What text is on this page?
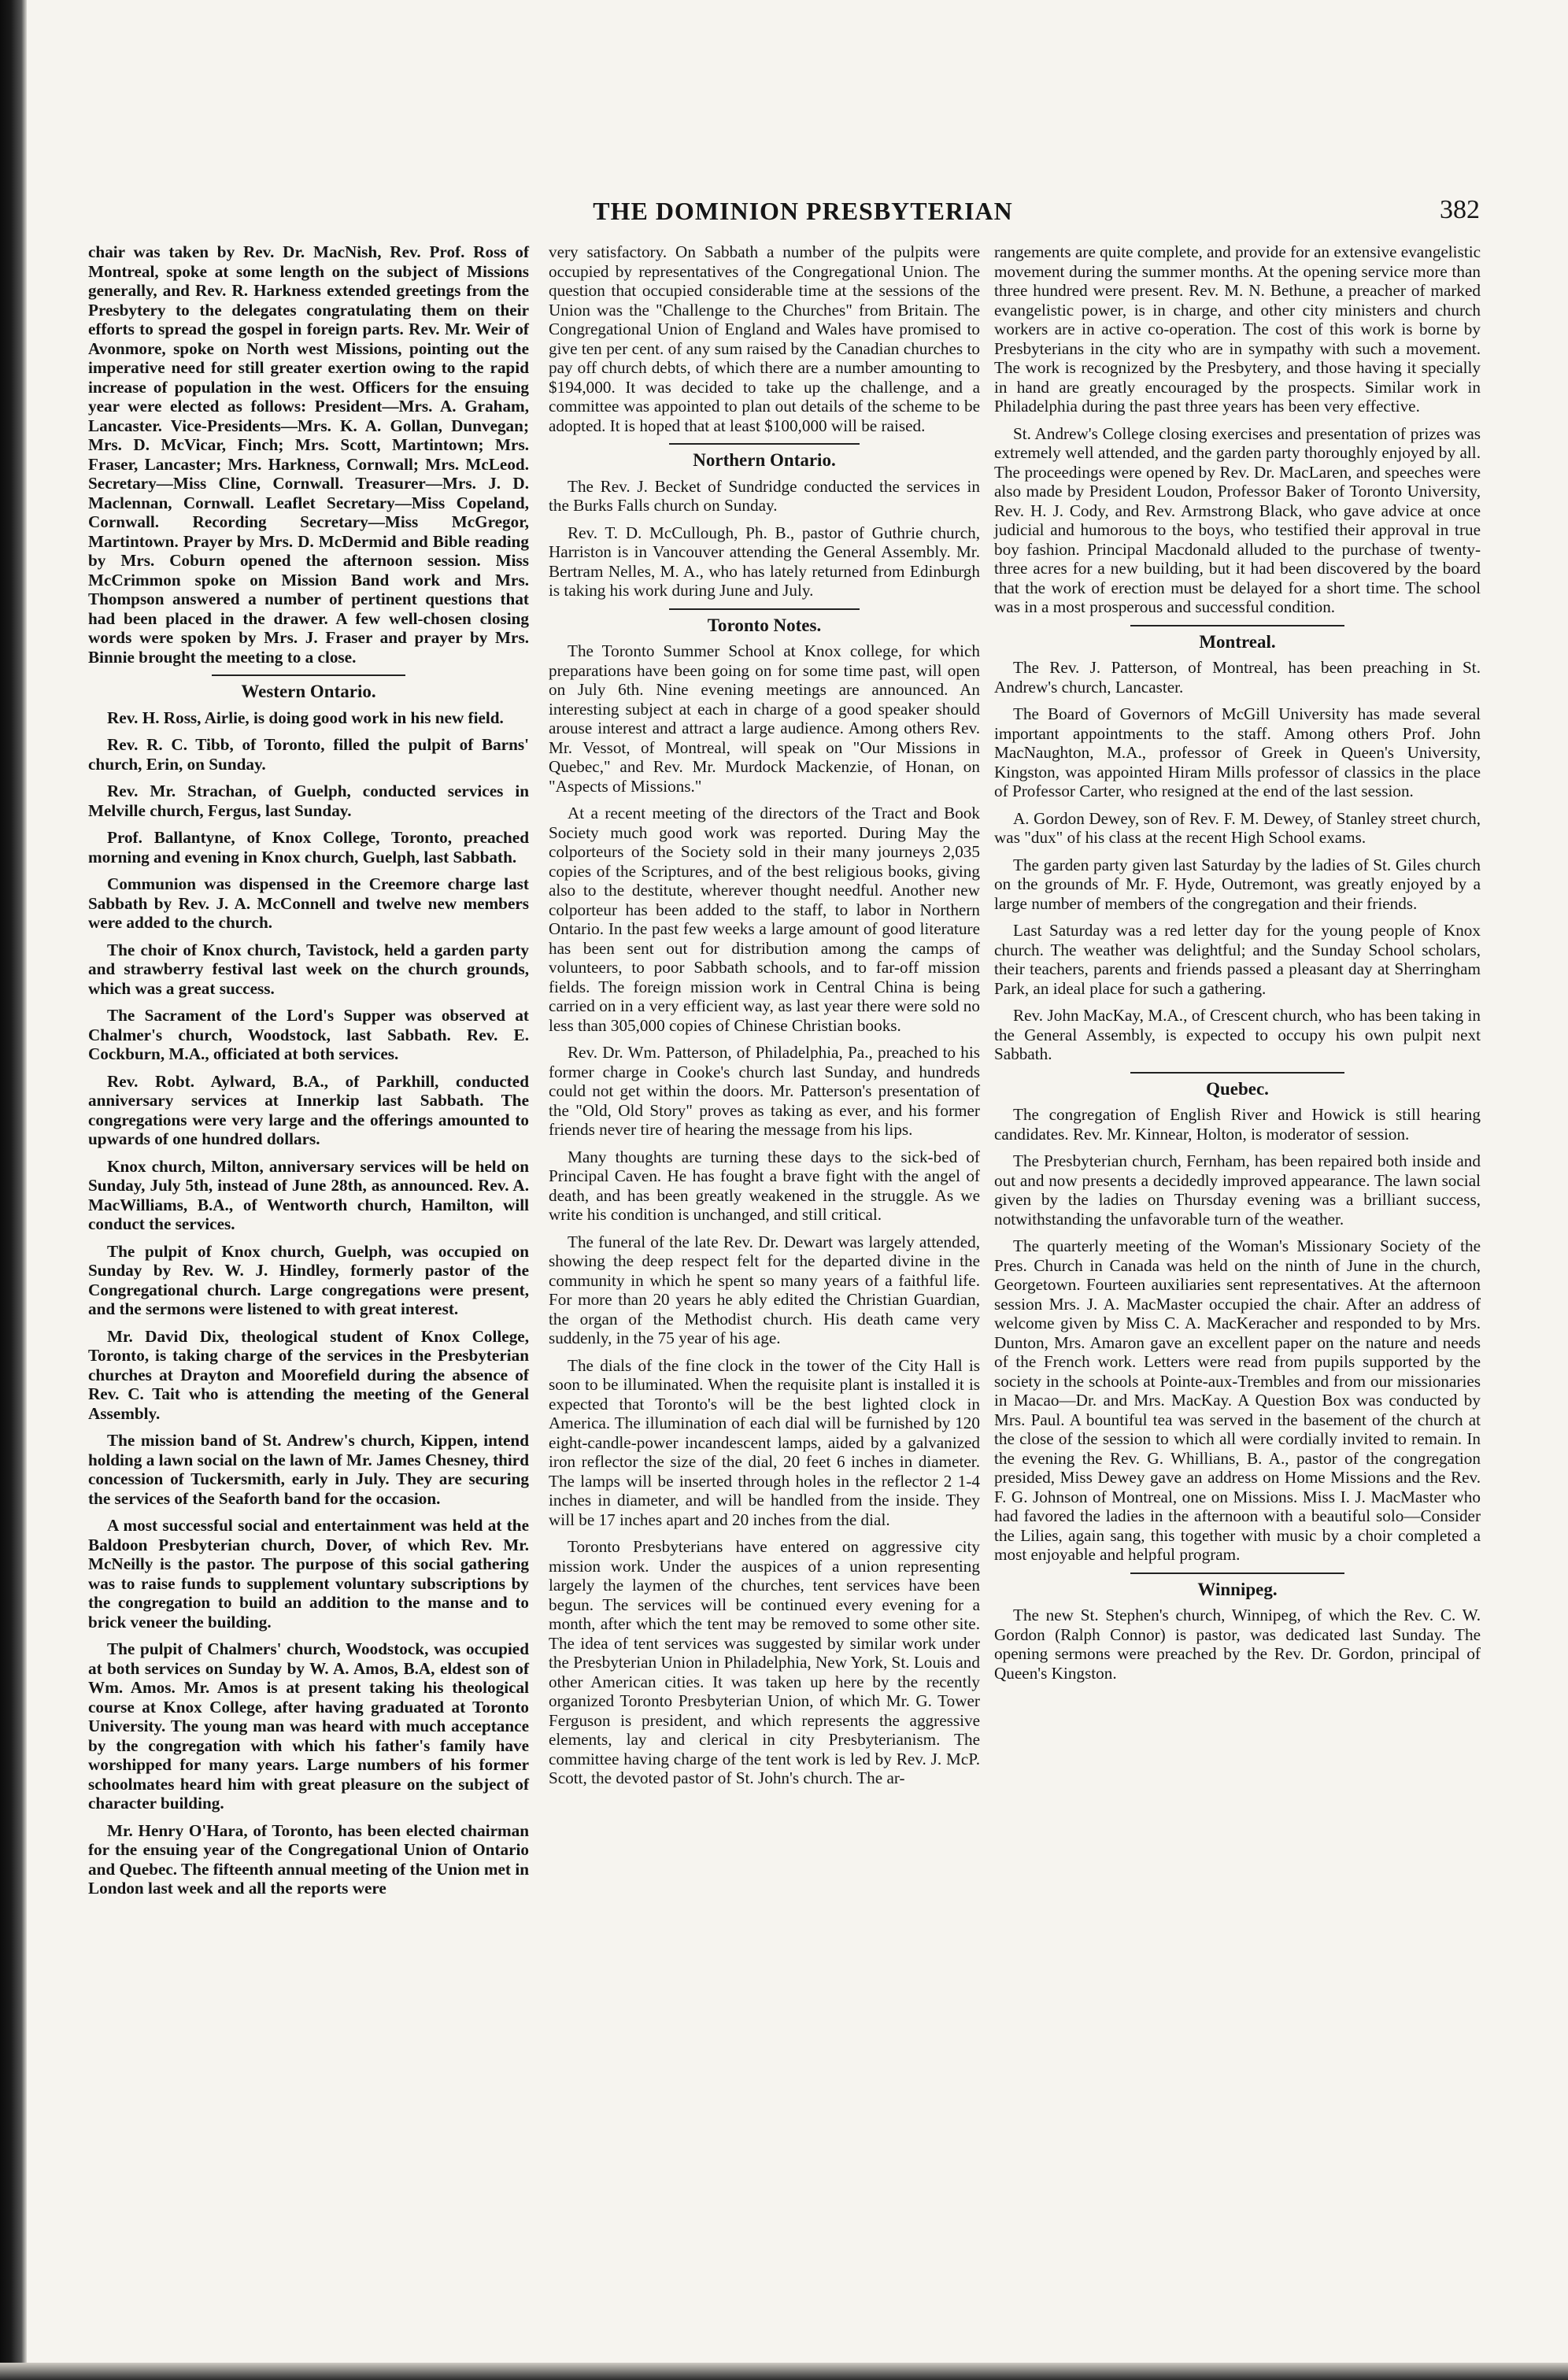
THE DOMINION PRESBYTERIAN	382

chair was taken by Rev. Dr. MacNish, Rev. Prof. Ross of Montreal, spoke at some length on the subject of Missions generally, and Rev. R. Harkness extended greetings from the Presbytery to the delegates congratulating them on their efforts to spread the gospel in foreign parts. Rev. Mr. Weir of Avonmore, spoke on North west Missions, pointing out the imperative need for still greater exertion owing to the rapid increase of population in the west. Officers for the ensuing year were elected as follows: President—Mrs. A. Graham, Lancaster. Vice-Presidents—Mrs. K. A. Gollan, Dunvegan; Mrs. D. McVicar, Finch; Mrs. Scott, Martintown; Mrs. Fraser, Lancaster; Mrs. Harkness, Cornwall; Mrs. McLeod. Secretary—Miss Cline, Cornwall. Treasurer—Mrs. J. D. Maclennan, Cornwall. Leaflet Secretary—Miss Copeland, Cornwall. Recording Secretary—Miss McGregor, Martintown. Prayer by Mrs. D. McDermid and Bible reading by Mrs. Coburn opened the afternoon session. Miss McCrimmon spoke on Mission Band work and Mrs. Thompson answered a number of pertinent questions that had been placed in the drawer. A few well-chosen closing words were spoken by Mrs. J. Fraser and prayer by Mrs. Binnie brought the meeting to a close.

Western Ontario.

Rev. H. Ross, Airlie, is doing good work in his new field.

Rev. R. C. Tibb, of Toronto, filled the pulpit of Barns' church, Erin, on Sunday.

Rev. Mr. Strachan, of Guelph, conducted services in Melville church, Fergus, last Sunday.

Prof. Ballantyne, of Knox College, Toronto, preached morning and evening in Knox church, Guelph, last Sabbath.

Communion was dispensed in the Creemore charge last Sabbath by Rev. J. A. McConnell and twelve new members were added to the church.

The choir of Knox church, Tavistock, held a garden party and strawberry festival last week on the church grounds, which was a great success.

The Sacrament of the Lord's Supper was observed at Chalmer's church, Woodstock, last Sabbath. Rev. E. Cockburn, M.A., officiated at both services.

Rev. Robt. Aylward, B.A., of Parkhill, conducted anniversary services at Innerkip last Sabbath. The congregations were very large and the offerings amounted to upwards of one hundred dollars.

Knox church, Milton, anniversary services will be held on Sunday, July 5th, instead of June 28th, as announced. Rev. A. MacWilliams, B.A., of Wentworth church, Hamilton, will conduct the services.

The pulpit of Knox church, Guelph, was occupied on Sunday by Rev. W. J. Hindley, formerly pastor of the Congregational church. Large congregations were present, and the sermons were listened to with great interest.

Mr. David Dix, theological student of Knox College, Toronto, is taking charge of the services in the Presbyterian churches at Drayton and Moorefield during the absence of Rev. C. Tait who is attending the meeting of the General Assembly.

The mission band of St. Andrew's church, Kippen, intend holding a lawn social on the lawn of Mr. James Chesney, third concession of Tuckersmith, early in July. They are securing the services of the Seaforth band for the occasion.

A most successful social and entertainment was held at the Baldoon Presbyterian church, Dover, of which Rev. Mr. McNeilly is the pastor. The purpose of this social gathering was to raise funds to supplement voluntary subscriptions by the congregation to build an addition to the manse and to brick veneer the building.

The pulpit of Chalmers' church, Woodstock, was occupied at both services on Sunday by W. A. Amos, B.A, eldest son of Wm. Amos. Mr. Amos is at present taking his theological course at Knox College, after having graduated at Toronto University. The young man was heard with much acceptance by the congregation with which his father's family have worshipped for many years. Large numbers of his former schoolmates heard him with great pleasure on the subject of character building.

Mr. Henry O'Hara, of Toronto, has been elected chairman for the ensuing year of the Congregational Union of Ontario and Quebec. The fifteenth annual meeting of the Union met in London last week and all the reports were

very satisfactory. On Sabbath a number of the pulpits were occupied by representatives of the Congregational Union. The question that occupied considerable time at the sessions of the Union was the "Challenge to the Churches" from Britain. The Congregational Union of England and Wales have promised to give ten per cent. of any sum raised by the Canadian churches to pay off church debts, of which there are a number amounting to $194,000. It was decided to take up the challenge, and a committee was appointed to plan out details of the scheme to be adopted. It is hoped that at least $100,000 will be raised.

Northern Ontario.

The Rev. J. Becket of Sundridge conducted the services in the Burks Falls church on Sunday.

Rev. T. D. McCullough, Ph. B., pastor of Guthrie church, Harriston is in Vancouver attending the General Assembly. Mr. Bertram Nelles, M. A., who has lately returned from Edinburgh is taking his work during June and July.

Toronto Notes.

The Toronto Summer School at Knox college, for which preparations have been going on for some time past, will open on July 6th. Nine evening meetings are announced. An interesting subject at each in charge of a good speaker should arouse interest and attract a large audience. Among others Rev. Mr. Vessot, of Montreal, will speak on "Our Missions in Quebec," and Rev. Mr. Murdock Mackenzie, of Honan, on "Aspects of Missions."

At a recent meeting of the directors of the Tract and Book Society much good work was reported. During May the colporteurs of the Society sold in their many journeys 2,035 copies of the Scriptures, and of the best religious books, giving also to the destitute, wherever thought needful. Another new colporteur has been added to the staff, to labor in Northern Ontario. In the past few weeks a large amount of good literature has been sent out for distribution among the camps of volunteers, to poor Sabbath schools, and to far-off mission fields. The foreign mission work in Central China is being carried on in a very efficient way, as last year there were sold no less than 305,000 copies of Chinese Christian books.

Rev. Dr. Wm. Patterson, of Philadelphia, Pa., preached to his former charge in Cooke's church last Sunday, and hundreds could not get within the doors. Mr. Patterson's presentation of the "Old, Old Story" proves as taking as ever, and his former friends never tire of hearing the message from his lips.

Many thoughts are turning these days to the sick-bed of Principal Caven. He has fought a brave fight with the angel of death, and has been greatly weakened in the struggle. As we write his condition is unchanged, and still critical.

The funeral of the late Rev. Dr. Dewart was largely attended, showing the deep respect felt for the departed divine in the community in which he spent so many years of a faithful life. For more than 20 years he ably edited the Christian Guardian, the organ of the Methodist church. His death came very suddenly, in the 75 year of his age.

The dials of the fine clock in the tower of the City Hall is soon to be illuminated. When the requisite plant is installed it is expected that Toronto's will be the best lighted clock in America. The illumination of each dial will be furnished by 120 eight-candle-power incandescent lamps, aided by a galvanized iron reflector the size of the dial, 20 feet 6 inches in diameter. The lamps will be inserted through holes in the reflector 2 1-4 inches in diameter, and will be handled from the inside. They will be 17 inches apart and 20 inches from the dial.

Toronto Presbyterians have entered on aggressive city mission work. Under the auspices of a union representing largely the laymen of the churches, tent services have been begun. The services will be continued every evening for a month, after which the tent may be removed to some other site. The idea of tent services was suggested by similar work under the Presbyterian Union in Philadelphia, New York, St. Louis and other American cities. It was taken up here by the recently organized Toronto Presbyterian Union, of which Mr. G. Tower Ferguson is president, and which represents the aggressive elements, lay and clerical in city Presbyterianism. The committee having charge of the tent work is led by Rev. J. McP. Scott, the devoted pastor of St. John's church. The ar-

rangements are quite complete, and provide for an extensive evangelistic movement during the summer months. At the opening service more than three hundred were present. Rev. M. N. Bethune, a preacher of marked evangelistic power, is in charge, and other city ministers and church workers are in active co-operation. The cost of this work is borne by Presbyterians in the city who are in sympathy with such a movement. The work is recognized by the Presbytery, and those having it specially in hand are greatly encouraged by the prospects. Similar work in Philadelphia during the past three years has been very effective.

St. Andrew's College closing exercises and presentation of prizes was extremely well attended, and the garden party thoroughly enjoyed by all. The proceedings were opened by Rev. Dr. MacLaren, and speeches were also made by President Loudon, Professor Baker of Toronto University, Rev. H. J. Cody, and Rev. Armstrong Black, who gave advice at once judicial and humorous to the boys, who testified their approval in true boy fashion. Principal Macdonald alluded to the purchase of twenty-three acres for a new building, but it had been discovered by the board that the work of erection must be delayed for a short time. The school was in a most prosperous and successful condition.

Montreal.

The Rev. J. Patterson, of Montreal, has been preaching in St. Andrew's church, Lancaster.

The Board of Governors of McGill University has made several important appointments to the staff. Among others Prof. John MacNaughton, M.A., professor of Greek in Queen's University, Kingston, was appointed Hiram Mills professor of classics in the place of Professor Carter, who resigned at the end of the last session.

A. Gordon Dewey, son of Rev. F. M. Dewey, of Stanley street church, was "dux" of his class at the recent High School exams.

The garden party given last Saturday by the ladies of St. Giles church on the grounds of Mr. F. Hyde, Outremont, was greatly enjoyed by a large number of members of the congregation and their friends.

Last Saturday was a red letter day for the young people of Knox church. The weather was delightful; and the Sunday School scholars, their teachers, parents and friends passed a pleasant day at Sherringham Park, an ideal place for such a gathering.

Rev. John MacKay, M.A., of Crescent church, who has been taking in the General Assembly, is expected to occupy his own pulpit next Sabbath.

Quebec.

The congregation of English River and Howick is still hearing candidates. Rev. Mr. Kinnear, Holton, is moderator of session.

The Presbyterian church, Fernham, has been repaired both inside and out and now presents a decidedly improved appearance. The lawn social given by the ladies on Thursday evening was a brilliant success, notwithstanding the unfavorable turn of the weather.

The quarterly meeting of the Woman's Missionary Society of the Pres. Church in Canada was held on the ninth of June in the church, Georgetown. Fourteen auxiliaries sent representatives. At the afternoon session Mrs. J. A. MacMaster occupied the chair. After an address of welcome given by Miss C. A. MacKeracher and responded to by Mrs. Dunton, Mrs. Amaron gave an excellent paper on the nature and needs of the French work. Letters were read from pupils supported by the society in the schools at Pointe-aux-Trembles and from our missionaries in Macao—Dr. and Mrs. MacKay. A Question Box was conducted by Mrs. Paul. A bountiful tea was served in the basement of the church at the close of the session to which all were cordially invited to remain. In the evening the Rev. G. Whillians, B. A., pastor of the congregation presided, Miss Dewey gave an address on Home Missions and the Rev. F. G. Johnson of Montreal, one on Missions. Miss I. J. MacMaster who had favored the ladies in the afternoon with a beautiful solo—Consider the Lilies, again sang, this together with music by a choir completed a most enjoyable and helpful program.

Winnipeg.

The new St. Stephen's church, Winnipeg, of which the Rev. C. W. Gordon (Ralph Connor) is pastor, was dedicated last Sunday. The opening sermons were preached by the Rev. Dr. Gordon, principal of Queen's Kingston.
